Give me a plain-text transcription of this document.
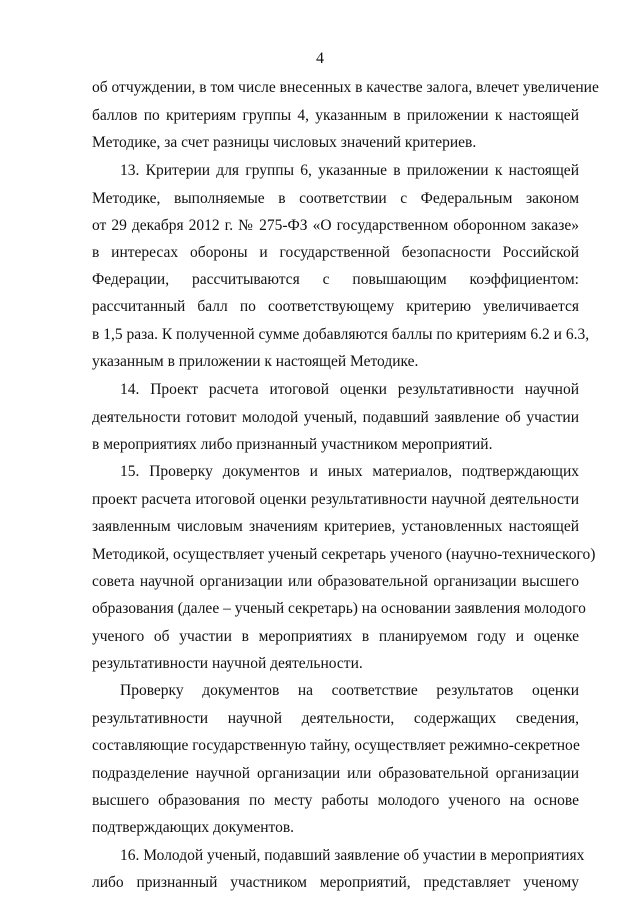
4
об отчуждении, в том числе внесенных в качестве залога, влечет увеличение
баллов по критериям группы 4, указанным в приложении к настоящей
Методике, за счет разницы числовых значений критериев.
13. Критерии для группы 6, указанные в приложении к настоящей
Методике, выполняемые в соответствии с Федеральным законом
от 29 декабря 2012 г. № 275-ФЗ «О государственном оборонном заказе»
в интересах обороны и государственной безопасности Российской
Федерации, рассчитываются с повышающим коэффициентом:
рассчитанный балл по соответствующему критерию увеличивается
в 1,5 раза. К полученной сумме добавляются баллы по критериям 6.2 и 6.3,
указанным в приложении к настоящей Методике.
14. Проект расчета итоговой оценки результативности научной
деятельности готовит молодой ученый, подавший заявление об участии
в мероприятиях либо признанный участником мероприятий.
15. Проверку документов и иных материалов, подтверждающих
проект расчета итоговой оценки результативности научной деятельности
заявленным числовым значениям критериев, установленных настоящей
Методикой, осуществляет ученый секретарь ученого (научно-технического)
совета научной организации или образовательной организации высшего
образования (далее – ученый секретарь) на основании заявления молодого
ученого об участии в мероприятиях в планируемом году и оценке
результативности научной деятельности.
Проверку документов на соответствие результатов оценки
результативности научной деятельности, содержащих сведения,
составляющие государственную тайну, осуществляет режимно-секретное
подразделение научной организации или образовательной организации
высшего образования по месту работы молодого ученого на основе
подтверждающих документов.
16. Молодой ученый, подавший заявление об участии в мероприятиях
либо признанный участником мероприятий, представляет ученому
